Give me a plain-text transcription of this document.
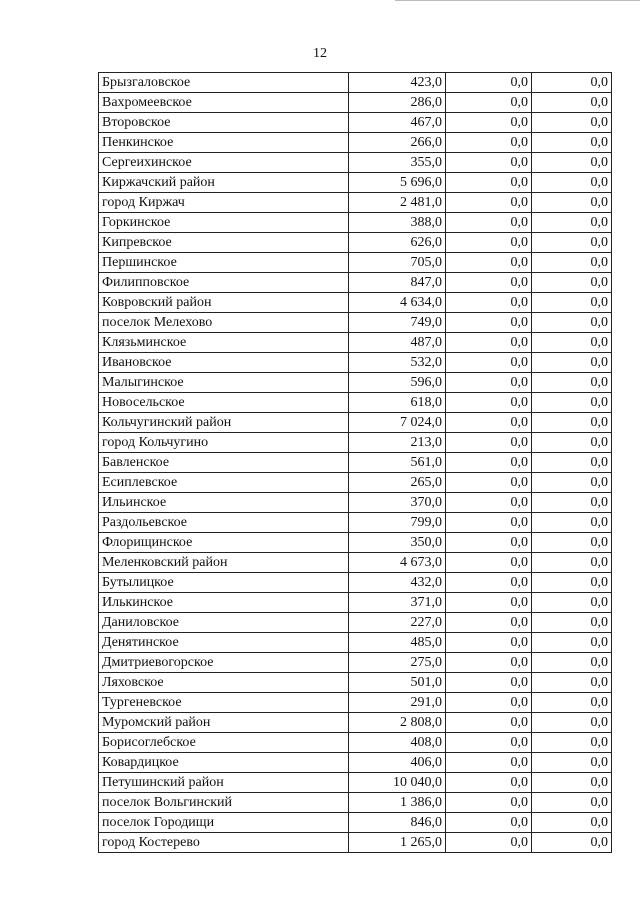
12
Брызгаловское	423,0	0,0	0,0
Вахромеевское	286,0	0,0	0,0
Второвское	467,0	0,0	0,0
Пенкинское	266,0	0,0	0,0
Сергеихинское	355,0	0,0	0,0
Киржачский район	5 696,0	0,0	0,0
город Киржач	2 481,0	0,0	0,0
Горкинское	388,0	0,0	0,0
Кипревское	626,0	0,0	0,0
Першинское	705,0	0,0	0,0
Филипповское	847,0	0,0	0,0
Ковровский район	4 634,0	0,0	0,0
поселок Мелехово	749,0	0,0	0,0
Клязьминское	487,0	0,0	0,0
Ивановское	532,0	0,0	0,0
Малыгинское	596,0	0,0	0,0
Новосельское	618,0	0,0	0,0
Кольчугинский район	7 024,0	0,0	0,0
город Кольчугино	213,0	0,0	0,0
Бавленское	561,0	0,0	0,0
Есиплевское	265,0	0,0	0,0
Ильинское	370,0	0,0	0,0
Раздольевское	799,0	0,0	0,0
Флорищинское	350,0	0,0	0,0
Меленковский район	4 673,0	0,0	0,0
Бутылицкое	432,0	0,0	0,0
Илькинское	371,0	0,0	0,0
Даниловское	227,0	0,0	0,0
Денятинское	485,0	0,0	0,0
Дмитриевогорское	275,0	0,0	0,0
Ляховское	501,0	0,0	0,0
Тургеневское	291,0	0,0	0,0
Муромский район	2 808,0	0,0	0,0
Борисоглебское	408,0	0,0	0,0
Ковардицкое	406,0	0,0	0,0
Петушинский район	10 040,0	0,0	0,0
поселок Вольгинский	1 386,0	0,0	0,0
поселок Городищи	846,0	0,0	0,0
город Костерево	1 265,0	0,0	0,0
